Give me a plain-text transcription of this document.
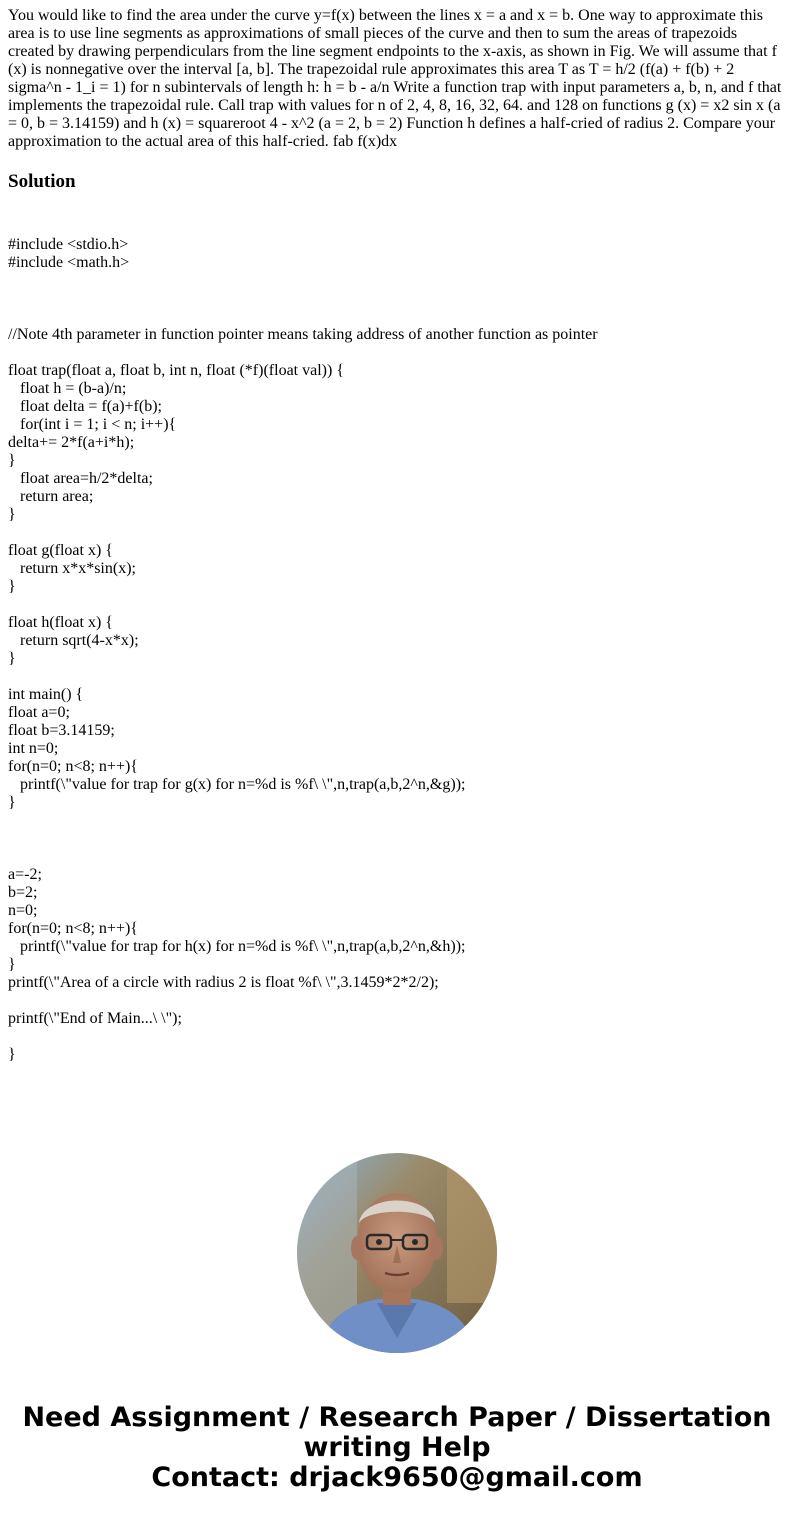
You would like to find the area under the curve y=f(x) between the lines x = a and x = b. One way to approximate this area is to use line segments as approximations of small pieces of the curve and then to sum the areas of trapezoids created by drawing perpendiculars from the line segment endpoints to the x-axis, as shown in Fig. We will assume that f (x) is nonnegative over the interval [a, b]. The trapezoidal rule approximates this area T as T = h/2 (f(a) + f(b) + 2 sigma^n - 1_i = 1) for n subintervals of length h: h = b - a/n Write a function trap with input parameters a, b, n, and f that implements the trapezoidal rule. Call trap with values for n of 2, 4, 8, 16, 32, 64. and 128 on functions g (x) = x2 sin x (a = 0, b = 3.14159) and h (x) = squareroot 4 - x^2 (a = 2, b = 2) Function h defines a half-cried of radius 2. Compare your approximation to the actual area of this half-cried. fab f(x)dx

Solution
#include <stdio.h>
#include <math.h>

//Note 4th parameter in function pointer means taking address of another function as pointer

float trap(float a, float b, int n, float (*f)(float val)) {
float h = (b-a)/n;
float delta = f(a)+f(b);
for(int i = 1; i < n; i++){
delta+= 2*f(a+i*h);
}
float area=h/2*delta;
return area;
}

float g(float x) {
return x*x*sin(x);
}

float h(float x) {
return sqrt(4-x*x);
}

int main() {
float a=0;
float b=3.14159;
int n=0;
for(n=0; n<8; n++){
printf(\"value for trap for g(x) for n=%d is %f\ \",n,trap(a,b,2^n,&g));
}

a=-2;
b=2;
n=0;
for(n=0; n<8; n++){
printf(\"value for trap for h(x) for n=%d is %f\ \",n,trap(a,b,2^n,&h));
}
printf(\"Area of a circle with radius 2 is float %f\ \",3.1459*2*2/2);

printf(\"End of Main...\ \");

}
Need Assignment / Research Paper / Dissertation
writing Help
Contact: drjack9650@gmail.com
